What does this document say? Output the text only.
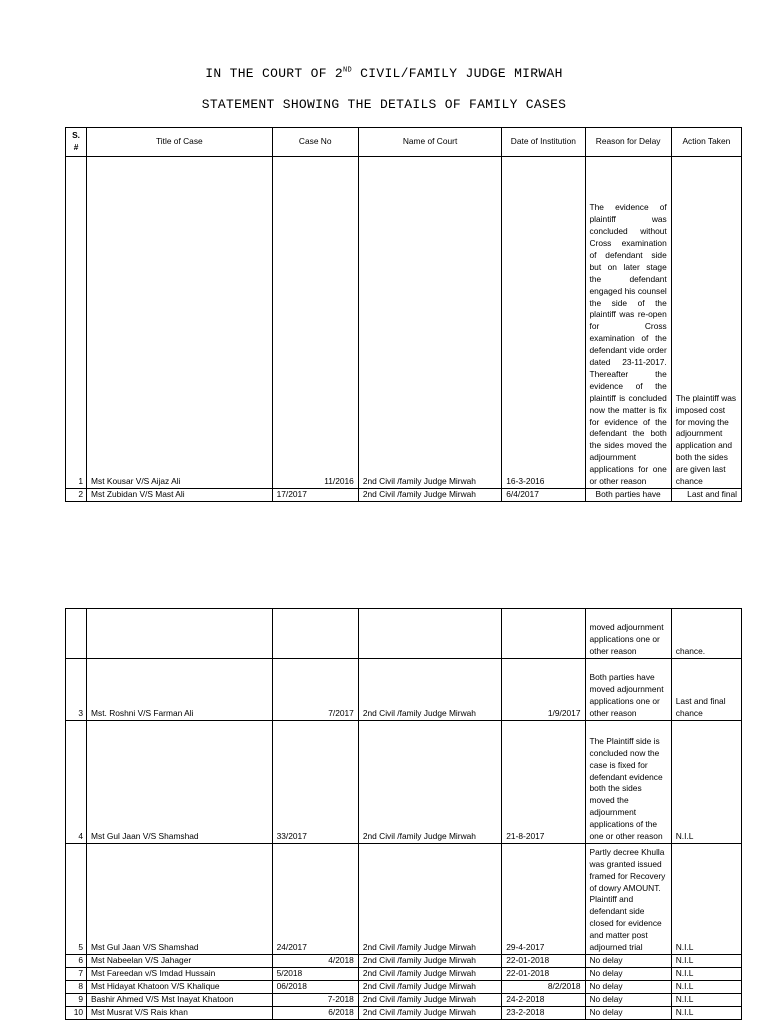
IN THE COURT OF 2ND CIVIL/FAMILY JUDGE MIRWAH
STATEMENT SHOWING THE DETAILS OF FAMILY CASES
S. #	Title of Case	Case No	Name of Court	Date of Institution	Reason for Delay	Action Taken
1	Mst Kousar V/S Aijaz Ali	11/2016	2nd Civil /family Judge Mirwah	16-3-2016	The evidence of plaintiff was concluded without Cross examination of defendant side but on later stage the defendant engaged his counsel the side of the plaintiff was re-open for Cross examination of the defendant vide order dated 23-11-2017. Thereafter the evidence of the plaintiff is concluded now the matter is fix for evidence of the defendant the both the sides moved the adjournment applications for one or other reason	The plaintiff was imposed cost for moving the adjournment application and both the sides are given last chance
2	Mst Zubidan V/S Mast Ali	17/2017	2nd Civil /family Judge Mirwah	6/4/2017	Both parties have	Last and final
					moved adjournment applications one or other reason	chance.
3	Mst. Roshni V/S Farman Ali	7/2017	2nd Civil /family Judge Mirwah	1/9/2017	Both parties have moved adjournment applications one or other reason	Last and final chance
4	Mst Gul Jaan V/S Shamshad	33/2017	2nd Civil /family Judge Mirwah	21-8-2017	The Plaintiff side is concluded now the case is fixed for defendant evidence both the sides moved the adjournment applications of the one or other reason	N.I.L
5	Mst Gul Jaan V/S Shamshad	24/2017	2nd Civil /family Judge Mirwah	29-4-2017	Partly decree Khulla was granted issued framed for Recovery of dowry AMOUNT. Plaintiff and defendant side closed for evidence and matter post adjourned trial	N.I.L
6	Mst Nabeelan V/S Jahager	4/2018	2nd Civil /family Judge Mirwah	22-01-2018	No delay	N.I.L
7	Mst Fareedan v/S Imdad Hussain	5/2018	2nd Civil /family Judge Mirwah	22-01-2018	No delay	N.I.L
8	Mst Hidayat Khatoon V/S Khalique	06/2018	2nd Civil /family Judge Mirwah	8/2/2018	No delay	N.I.L
9	Bashir Ahmed V/S Mst Inayat Khatoon	7-2018	2nd Civil /family Judge Mirwah	24-2-2018	No delay	N.I.L
10	Mst Musrat V/S Rais khan	6/2018	2nd Civil /family Judge Mirwah	23-2-2018	No delay	N.I.L
